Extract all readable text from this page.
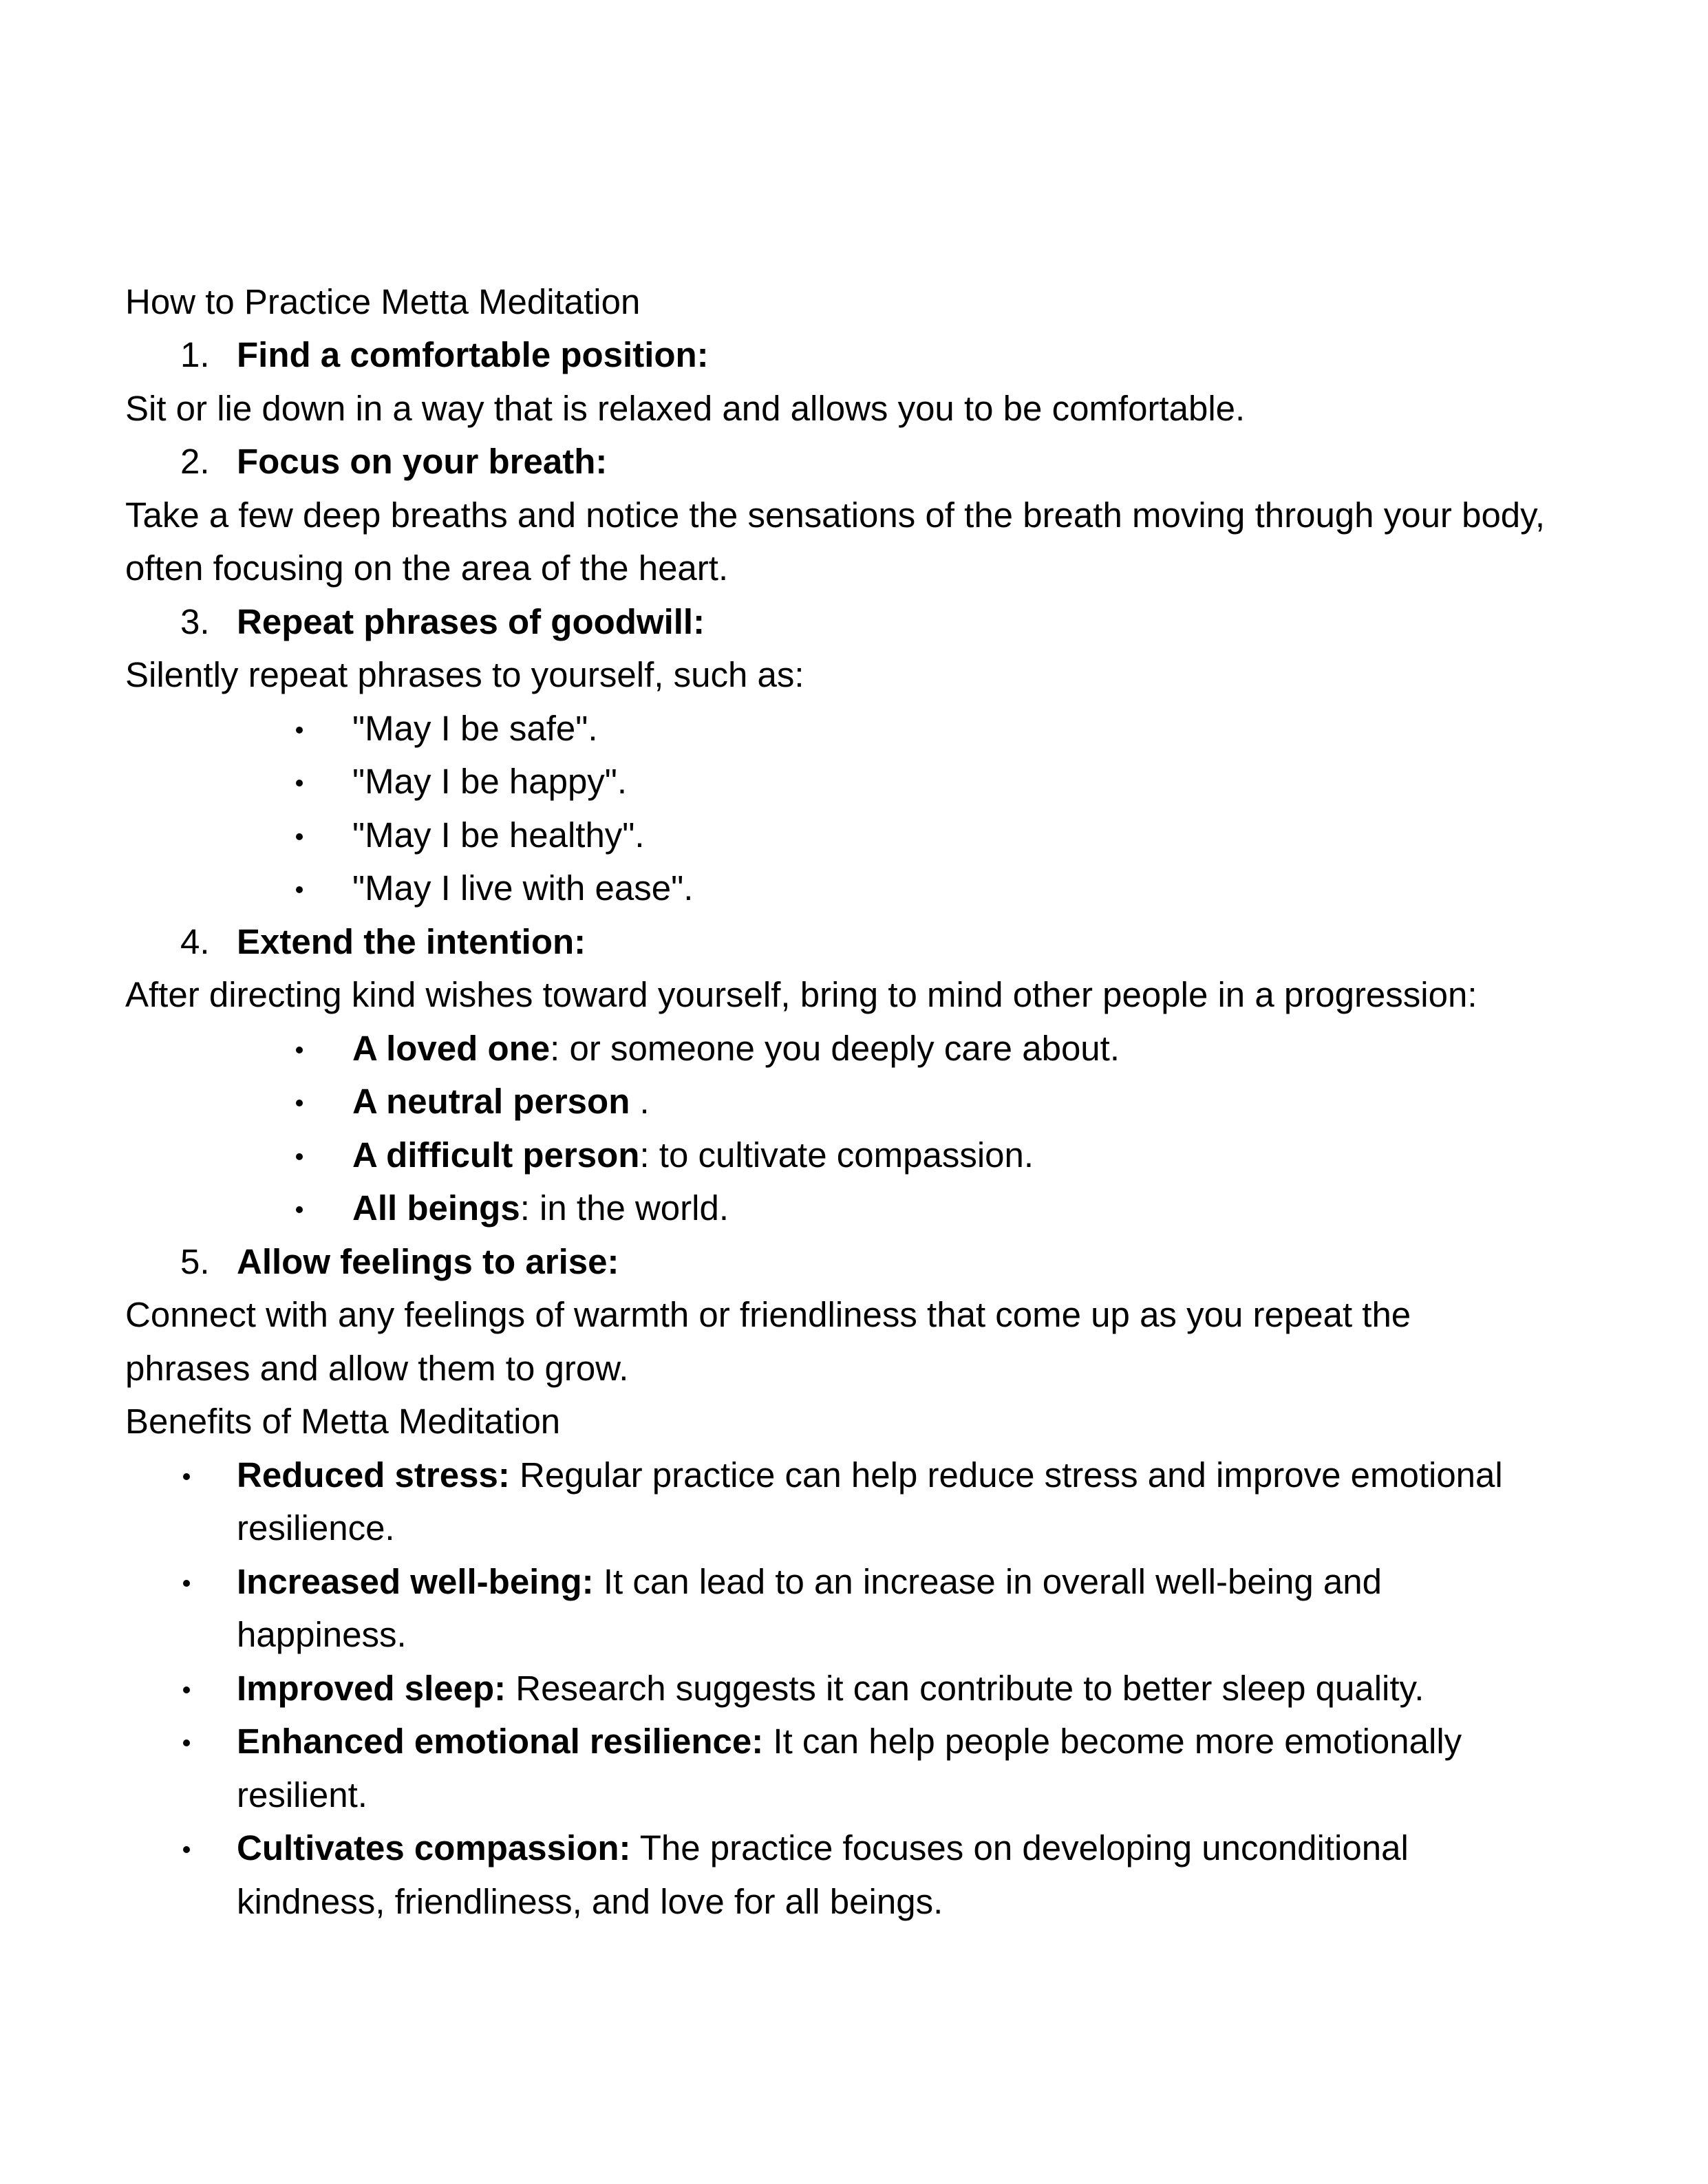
How to Practice Metta Meditation
1. Find a comfortable position:
Sit or lie down in a way that is relaxed and allows you to be comfortable.
2. Focus on your breath:
Take a few deep breaths and notice the sensations of the breath moving through your body,
often focusing on the area of the heart.
3. Repeat phrases of goodwill:
Silently repeat phrases to yourself, such as:
"May I be safe".
"May I be happy".
"May I be healthy".
"May I live with ease".
4. Extend the intention:
After directing kind wishes toward yourself, bring to mind other people in a progression:
A loved one: or someone you deeply care about.
A neutral person .
A difficult person: to cultivate compassion.
All beings: in the world.
5. Allow feelings to arise:
Connect with any feelings of warmth or friendliness that come up as you repeat the
phrases and allow them to grow.
Benefits of Metta Meditation
Reduced stress: Regular practice can help reduce stress and improve emotional
resilience.
Increased well-being: It can lead to an increase in overall well-being and
happiness.
Improved sleep: Research suggests it can contribute to better sleep quality.
Enhanced emotional resilience: It can help people become more emotionally
resilient.
Cultivates compassion: The practice focuses on developing unconditional
kindness, friendliness, and love for all beings.
